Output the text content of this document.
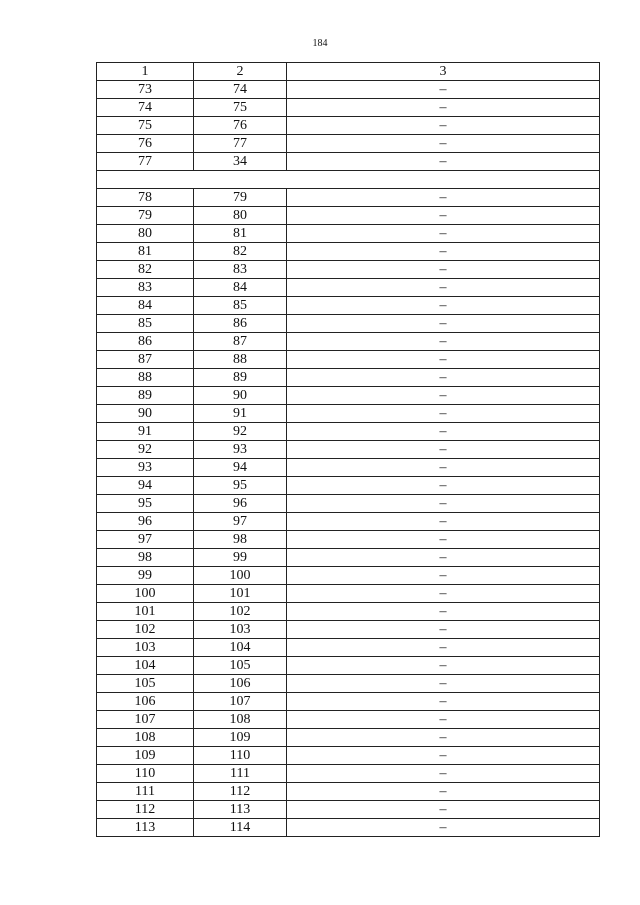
184
1	2	3
73	74	–
74	75	–
75	76	–
76	77	–
77	34	–

78	79	–
79	80	–
80	81	–
81	82	–
82	83	–
83	84	–
84	85	–
85	86	–
86	87	–
87	88	–
88	89	–
89	90	–
90	91	–
91	92	–
92	93	–
93	94	–
94	95	–
95	96	–
96	97	–
97	98	–
98	99	–
99	100	–
100	101	–
101	102	–
102	103	–
103	104	–
104	105	–
105	106	–
106	107	–
107	108	–
108	109	–
109	110	–
110	111	–
111	112	–
112	113	–
113	114	–
